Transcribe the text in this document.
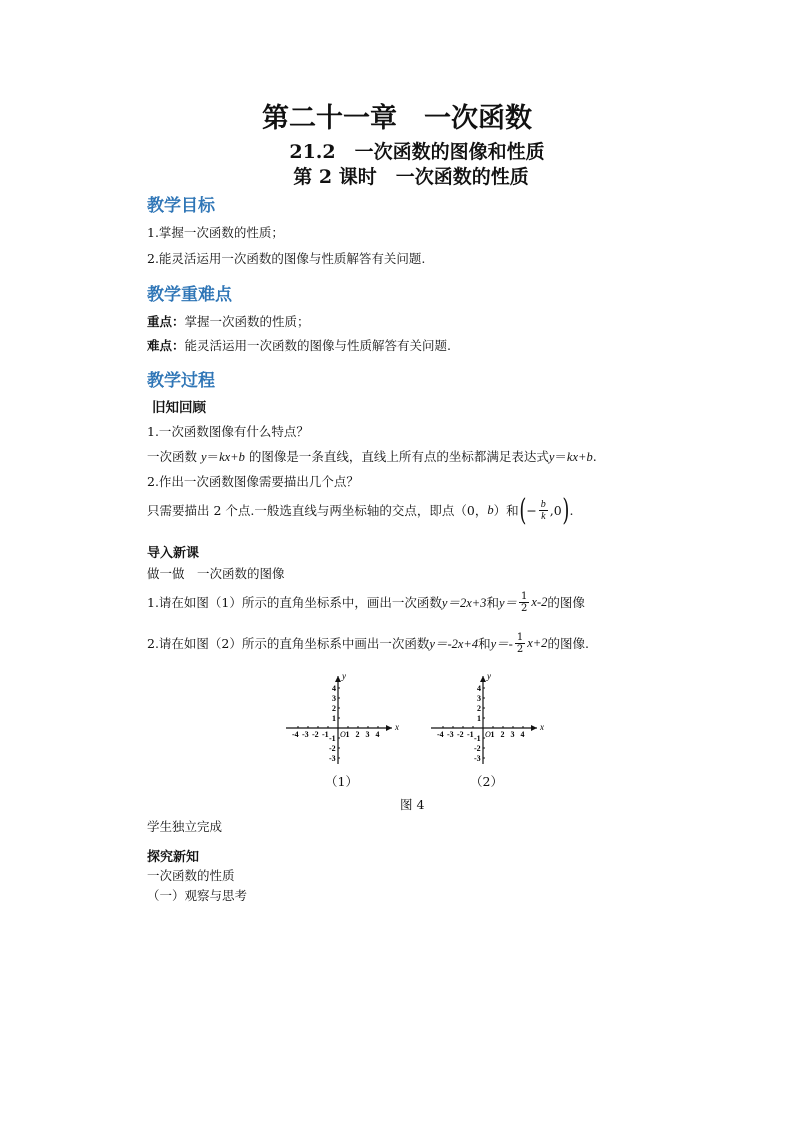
第二十一章　一次函数
21.2　一次函数的图像和性质
第 2 课时　一次函数的性质
教学目标
1.掌握一次函数的性质；
2.能灵活运用一次函数的图像与性质解答有关问题.
教学重难点
重点：掌握一次函数的性质；
难点：能灵活运用一次函数的图像与性质解答有关问题.
教学过程
旧知回顾
1.一次函数图像有什么特点？
一次函数 y＝kx+b 的图像是一条直线，直线上所有点的坐标都满足表达式y＝kx+b.
2.作出一次函数图像需要描出几个点？
只需要描出 2 个点.一般选直线与两坐标轴的交点，即点（0， b ）和 ( − $\frac{b}{k} ,0$ ) .
导入新课
做一做　一次函数的图像
1.请在如图（1）所示的直角坐标系中，画出一次函数 y＝2x+3 和 $y= \frac{1}{2} x-2$ 的图像
2.请在如图（2）所示的直角坐标系中画出一次函数 y＝-2x+4 和 $y=- \frac{1}{2} x+2$ 的图像.
x
y
O
-4 -3 -2 -1 1 2 3 4
4
3
2
1
-1
-2
-3
x
y
O
-4 -3 -2 -1 1 2 3 4
4
3
2
1
-1
-2
-3
（1）	（2）
图 4
学生独立完成
探究新知
一次函数的性质
（一）观察与思考
